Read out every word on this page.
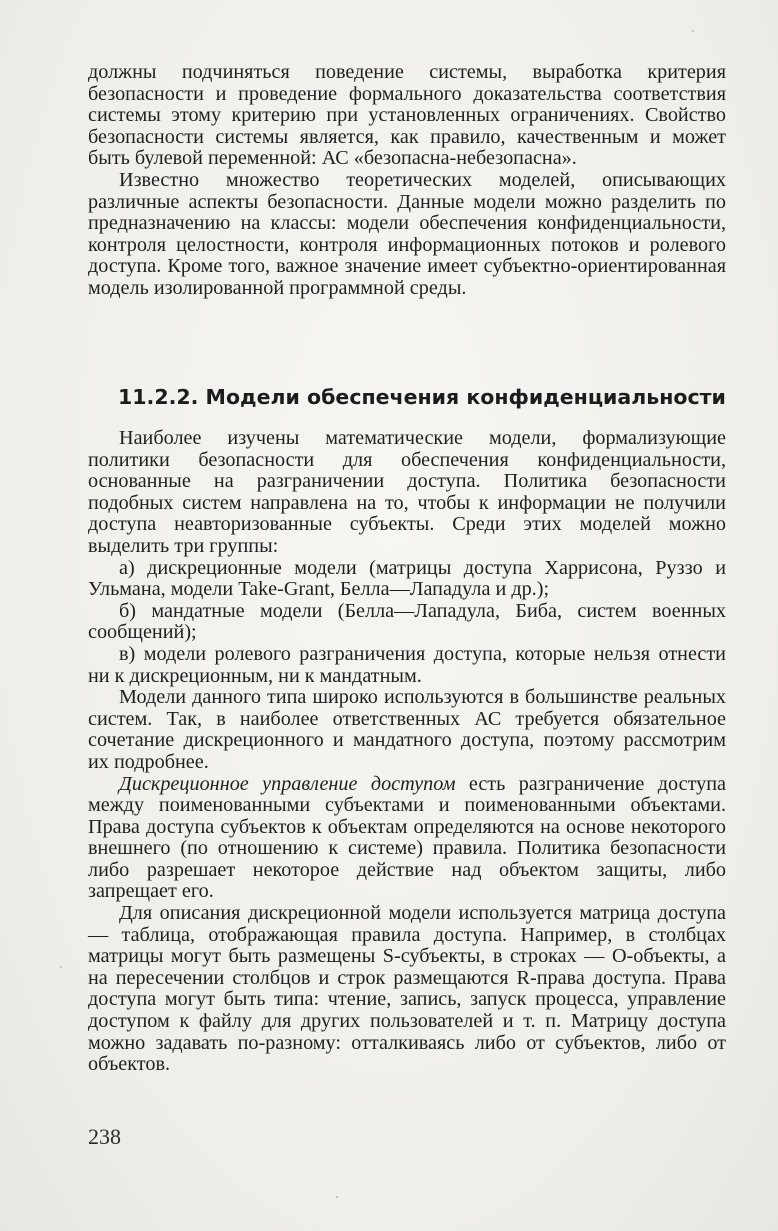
должны подчиняться поведение системы, выработка критерия безопасности и проведение формального доказательства соответствия системы этому критерию при установленных ограничениях. Свойство безопасности системы является, как правило, качественным и может быть булевой переменной: АС «безопасна-небезопасна».

Известно множество теоретических моделей, описывающих различные аспекты безопасности. Данные модели можно разделить по предназначению на классы: модели обеспечения конфиденциальности, контроля целостности, контроля информационных потоков и ролевого доступа. Кроме того, важное значение имеет субъектно-ориентированная модель изолированной программной среды.

11.2.2. Модели обеспечения конфиденциальности

Наиболее изучены математические модели, формализующие политики безопасности для обеспечения конфиденциальности, основанные на разграничении доступа. Политика безопасности подобных систем направлена на то, чтобы к информации не получили доступа неавторизованные субъекты. Среди этих моделей можно выделить три группы:

а) дискреционные модели (матрицы доступа Харрисона, Руззо и Ульмана, модели Take-Grant, Белла—Лападула и др.);

б) мандатные модели (Белла—Лападула, Биба, систем военных сообщений);

в) модели ролевого разграничения доступа, которые нельзя отнести ни к дискреционным, ни к мандатным.

Модели данного типа широко используются в большинстве реальных систем. Так, в наиболее ответственных АС требуется обязательное сочетание дискреционного и мандатного доступа, поэтому рассмотрим их подробнее.

Дискреционное управление доступом есть разграничение доступа между поименованными субъектами и поименованными объектами. Права доступа субъектов к объектам определяются на основе некоторого внешнего (по отношению к системе) правила. Политика безопасности либо разрешает некоторое действие над объектом защиты, либо запрещает его.

Для описания дискреционной модели используется матрица доступа — таблица, отображающая правила доступа. Например, в столбцах матрицы могут быть размещены S-субъекты, в строках — O-объекты, а на пересечении столбцов и строк размещаются R-права доступа. Права доступа могут быть типа: чтение, запись, запуск процесса, управление доступом к файлу для других пользователей и т. п. Матрицу доступа можно задавать по-разному: отталкиваясь либо от субъектов, либо от объектов.

238
